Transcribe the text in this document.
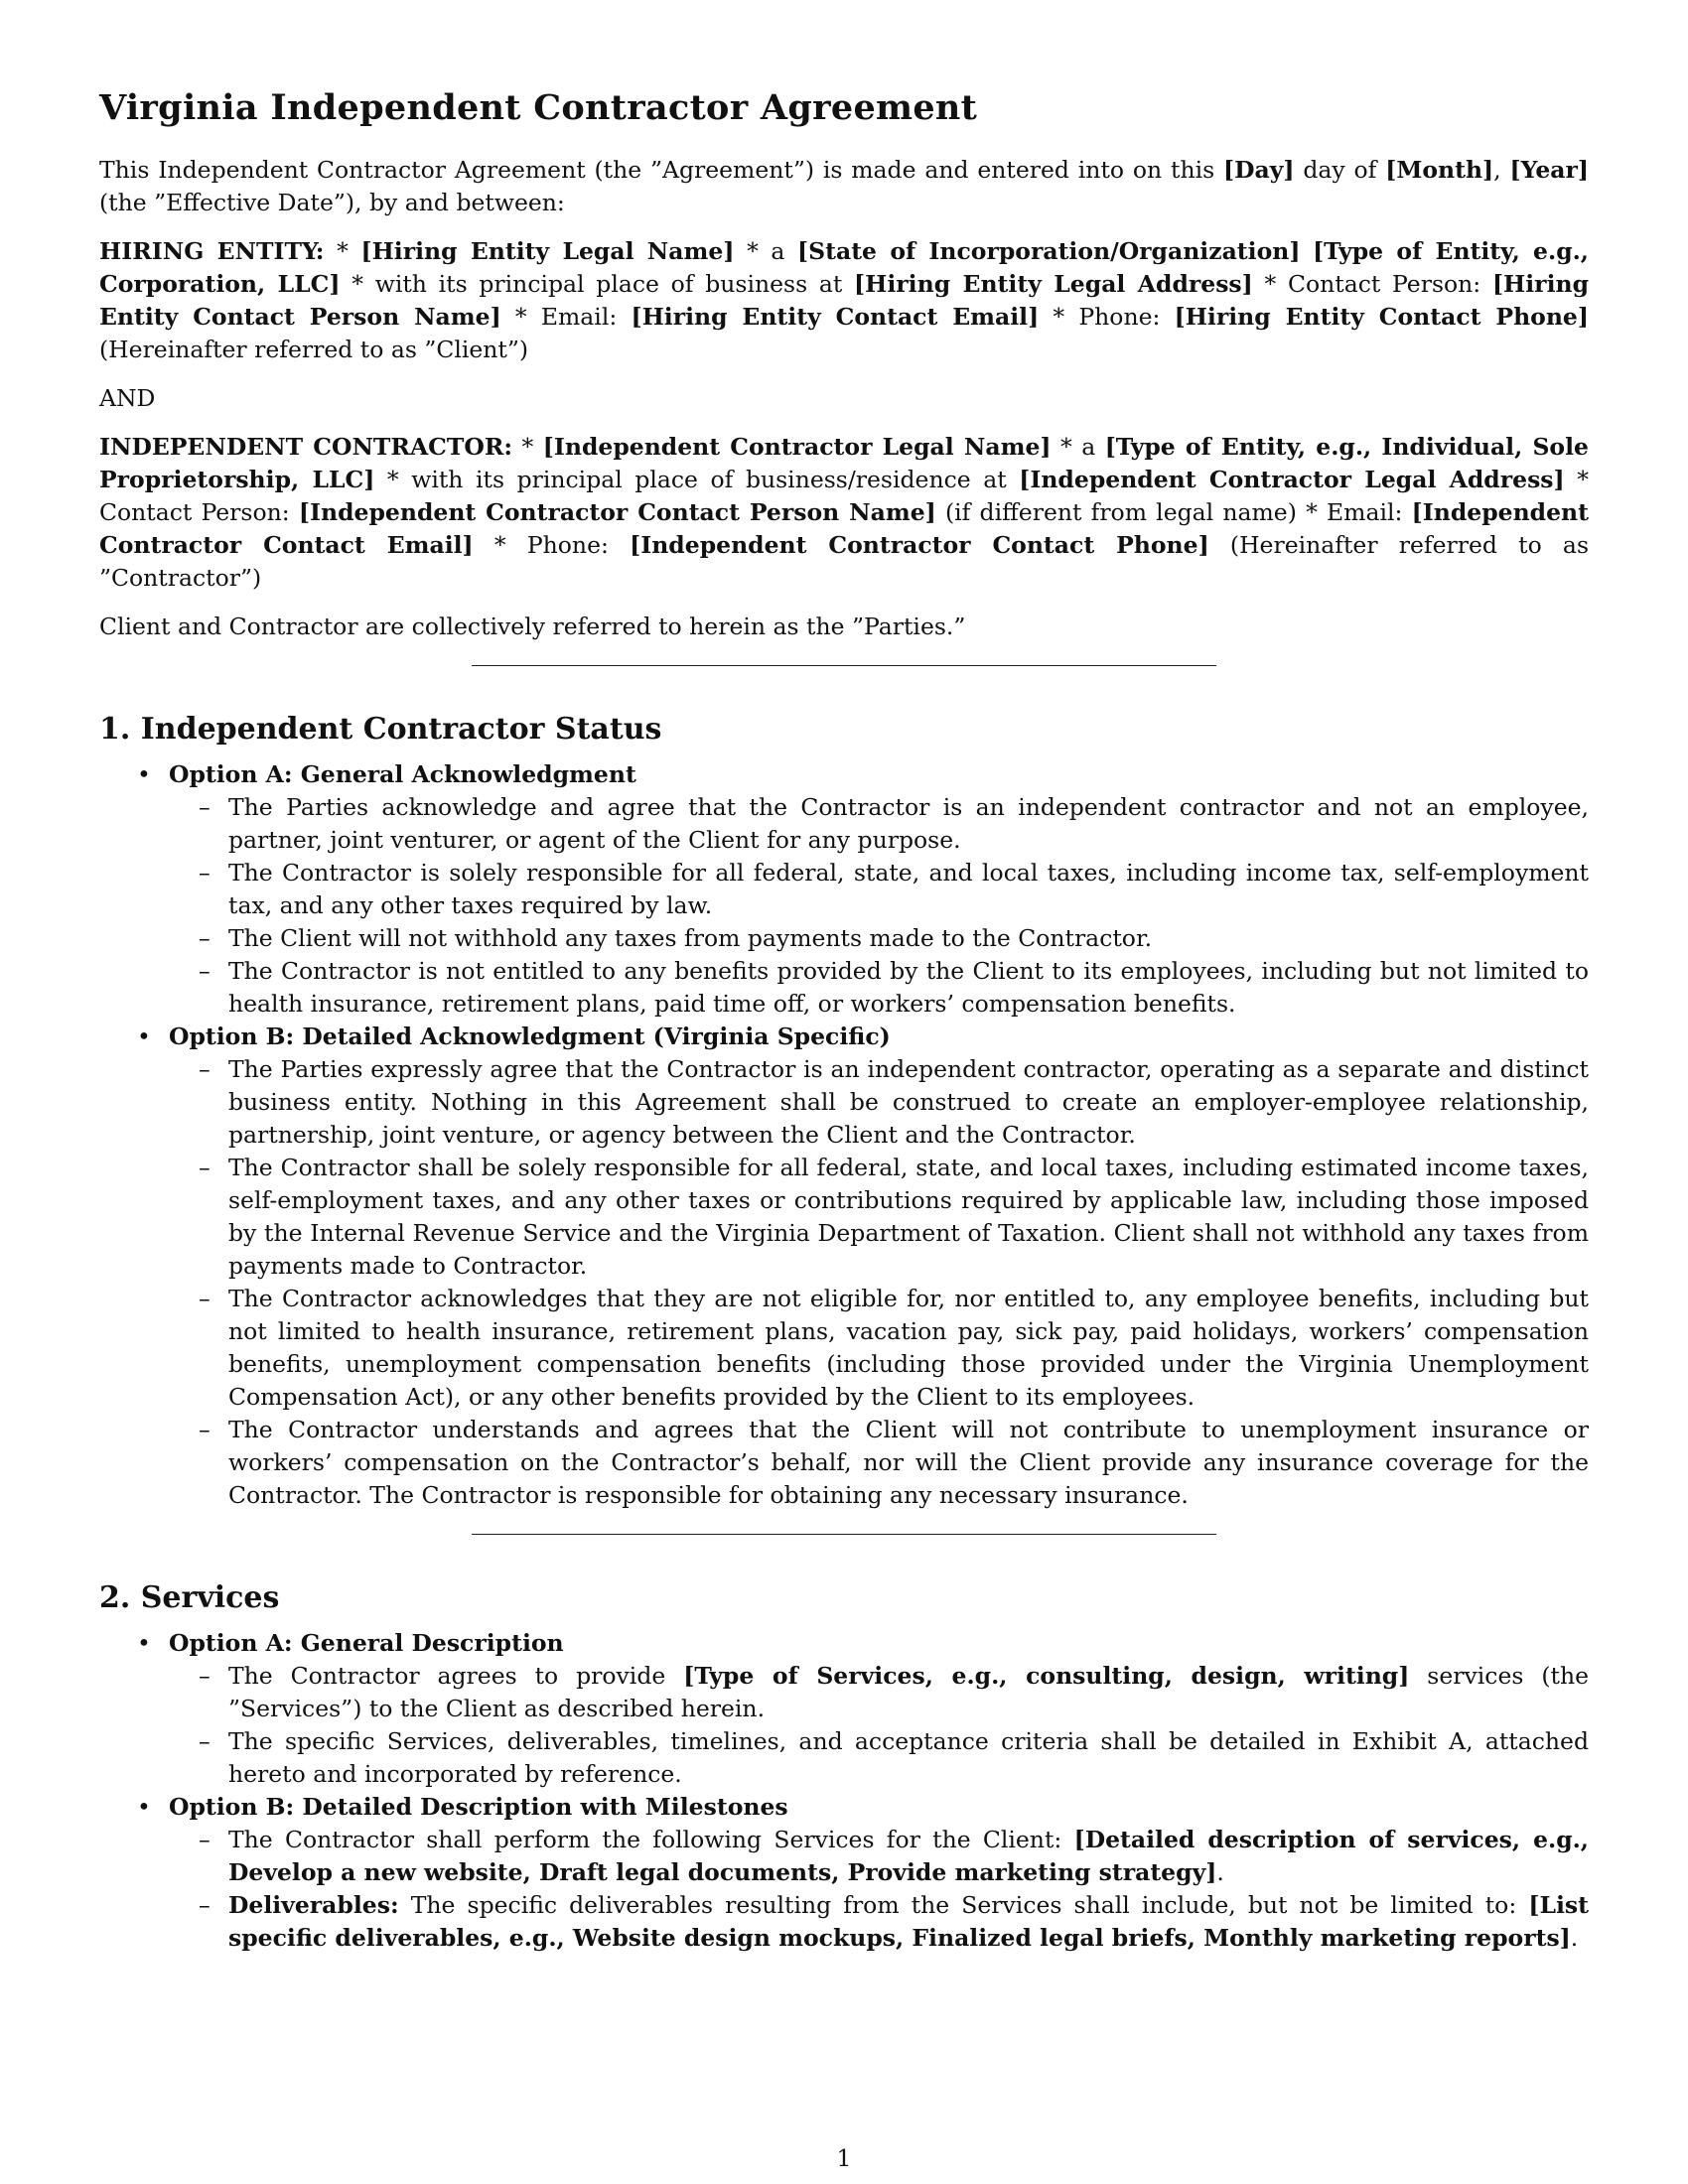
Virginia Independent Contractor Agreement

This Independent Contractor Agreement (the ”Agreement”) is made and entered into on this [Day] day of [Month], [Year] (the ”Effective Date”), by and between:

HIRING ENTITY: * [Hiring Entity Legal Name] * a [State of Incorporation/Organization] [Type of Entity, e.g., Corporation, LLC] * with its principal place of business at [Hiring Entity Legal Address] * Contact Person: [Hiring Entity Contact Person Name] * Email: [Hiring Entity Contact Email] * Phone: [Hiring Entity Contact Phone] (Hereinafter referred to as ”Client”)

AND

INDEPENDENT CONTRACTOR: * [Independent Contractor Legal Name] * a [Type of Entity, e.g., Individual, Sole Proprietorship, LLC] * with its principal place of business/residence at [Independent Contractor Legal Address] * Contact Person: [Independent Contractor Contact Person Name] (if different from legal name) * Email: [Independent Contractor Contact Email] * Phone: [Independent Contractor Contact Phone] (Hereinafter referred to as ”Contractor”)

Client and Contractor are collectively referred to herein as the ”Parties.”

1. Independent Contractor Status
• Option A: General Acknowledgment
– The Parties acknowledge and agree that the Contractor is an independent contractor and not an employee, partner, joint venturer, or agent of the Client for any purpose.
– The Contractor is solely responsible for all federal, state, and local taxes, including income tax, self-employment tax, and any other taxes required by law.
– The Client will not withhold any taxes from payments made to the Contractor.
– The Contractor is not entitled to any benefits provided by the Client to its employees, including but not limited to health insurance, retirement plans, paid time off, or workers’ compensation benefits.
• Option B: Detailed Acknowledgment (Virginia Specific)
– The Parties expressly agree that the Contractor is an independent contractor, operating as a separate and distinct business entity. Nothing in this Agreement shall be construed to create an employer-employee relationship, partnership, joint venture, or agency between the Client and the Contractor.
– The Contractor shall be solely responsible for all federal, state, and local taxes, including estimated income taxes, self-employment taxes, and any other taxes or contributions required by applicable law, including those imposed by the Internal Revenue Service and the Virginia Department of Taxation. Client shall not withhold any taxes from payments made to Contractor.
– The Contractor acknowledges that they are not eligible for, nor entitled to, any employee benefits, including but not limited to health insurance, retirement plans, vacation pay, sick pay, paid holidays, workers’ compensation benefits, unemployment compensation benefits (including those provided under the Virginia Unemployment Compensation Act), or any other benefits provided by the Client to its employees.
– The Contractor understands and agrees that the Client will not contribute to unemployment insurance or workers’ compensation on the Contractor’s behalf, nor will the Client provide any insurance coverage for the Contractor. The Contractor is responsible for obtaining any necessary insurance.
2. Services
• Option A: General Description
– The Contractor agrees to provide [Type of Services, e.g., consulting, design, writing] services (the ”Services”) to the Client as described herein.
– The specific Services, deliverables, timelines, and acceptance criteria shall be detailed in Exhibit A, attached hereto and incorporated by reference.
• Option B: Detailed Description with Milestones
– The Contractor shall perform the following Services for the Client: [Detailed description of services, e.g., Develop a new website, Draft legal documents, Provide marketing strategy].
– Deliverables: The specific deliverables resulting from the Services shall include, but not be limited to: [List specific deliverables, e.g., Website design mockups, Finalized legal briefs, Monthly marketing reports].
1
